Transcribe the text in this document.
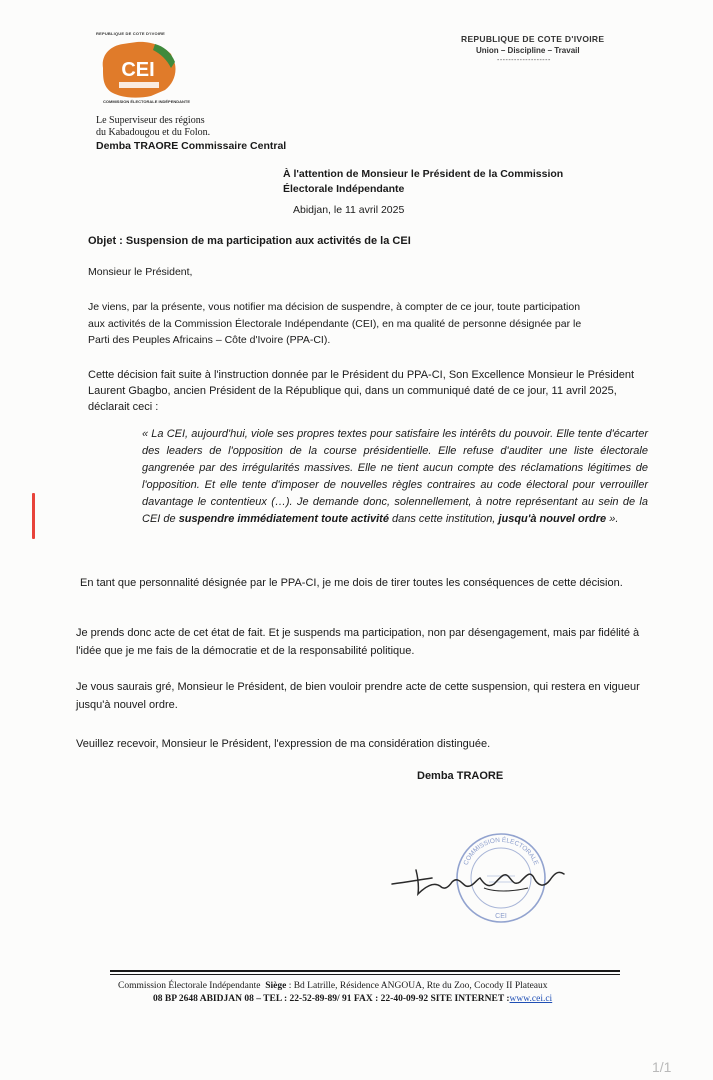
REPUBLIQUE DE COTE D'IVOIRE
CEI
COMMISSION ÉLECTORALE INDÉPENDANTE
Le Superviseur des régions
du Kabadougou et du Folon.
Demba TRAORE Commissaire Central
REPUBLIQUE DE COTE D'IVOIRE
Union – Discipline – Travail
-------------------
À l'attention de Monsieur le Président de la Commission Électorale Indépendante
Abidjan, le 11 avril 2025
Objet : Suspension de ma participation aux activités de la CEI
Monsieur le Président,
Je viens, par la présente, vous notifier ma décision de suspendre, à compter de ce jour, toute participation
aux activités de la Commission Électorale Indépendante (CEI), en ma qualité de personne désignée par le
Parti des Peuples Africains – Côte d'Ivoire (PPA-CI).
Cette décision fait suite à l'instruction donnée par le Président du PPA-CI, Son Excellence Monsieur le Président Laurent Gbagbo, ancien Président de la République qui, dans un communiqué daté de ce jour, 11 avril 2025, déclarait ceci :
« La CEI, aujourd'hui, viole ses propres textes pour satisfaire les intérêts du pouvoir. Elle tente d'écarter des leaders de l'opposition de la course présidentielle. Elle refuse d'auditer une liste électorale gangrenée par des irrégularités massives. Elle ne tient aucun compte des réclamations légitimes de l'opposition. Et elle tente d'imposer de nouvelles règles contraires au code électoral pour verrouiller davantage le contentieux (…). Je demande donc, solennellement, à notre représentant au sein de la CEI de suspendre immédiatement toute activité dans cette institution, jusqu'à nouvel ordre ».
En tant que personnalité désignée par le PPA-CI, je me dois de tirer toutes les conséquences de cette décision.
Je prends donc acte de cet état de fait. Et je suspends ma participation, non par désengagement, mais par fidélité à l'idée que je me fais de la démocratie et de la responsabilité politique.
Je vous saurais gré, Monsieur le Président, de bien vouloir prendre acte de cette suspension, qui restera en vigueur jusqu'à nouvel ordre.
Veuillez recevoir, Monsieur le Président, l'expression de ma considération distinguée.
Demba TRAORE
COMMISSION ÉLECTORALE
CEI
Commission Électorale Indépendante Siège : Bd Latrille, Résidence ANGOUA, Rte du Zoo, Cocody II Plateaux
08 BP 2648 ABIDJAN 08 – TEL : 22-52-89-89/ 91 FAX : 22-40-09-92 SITE INTERNET :www.cei.ci
1/1
